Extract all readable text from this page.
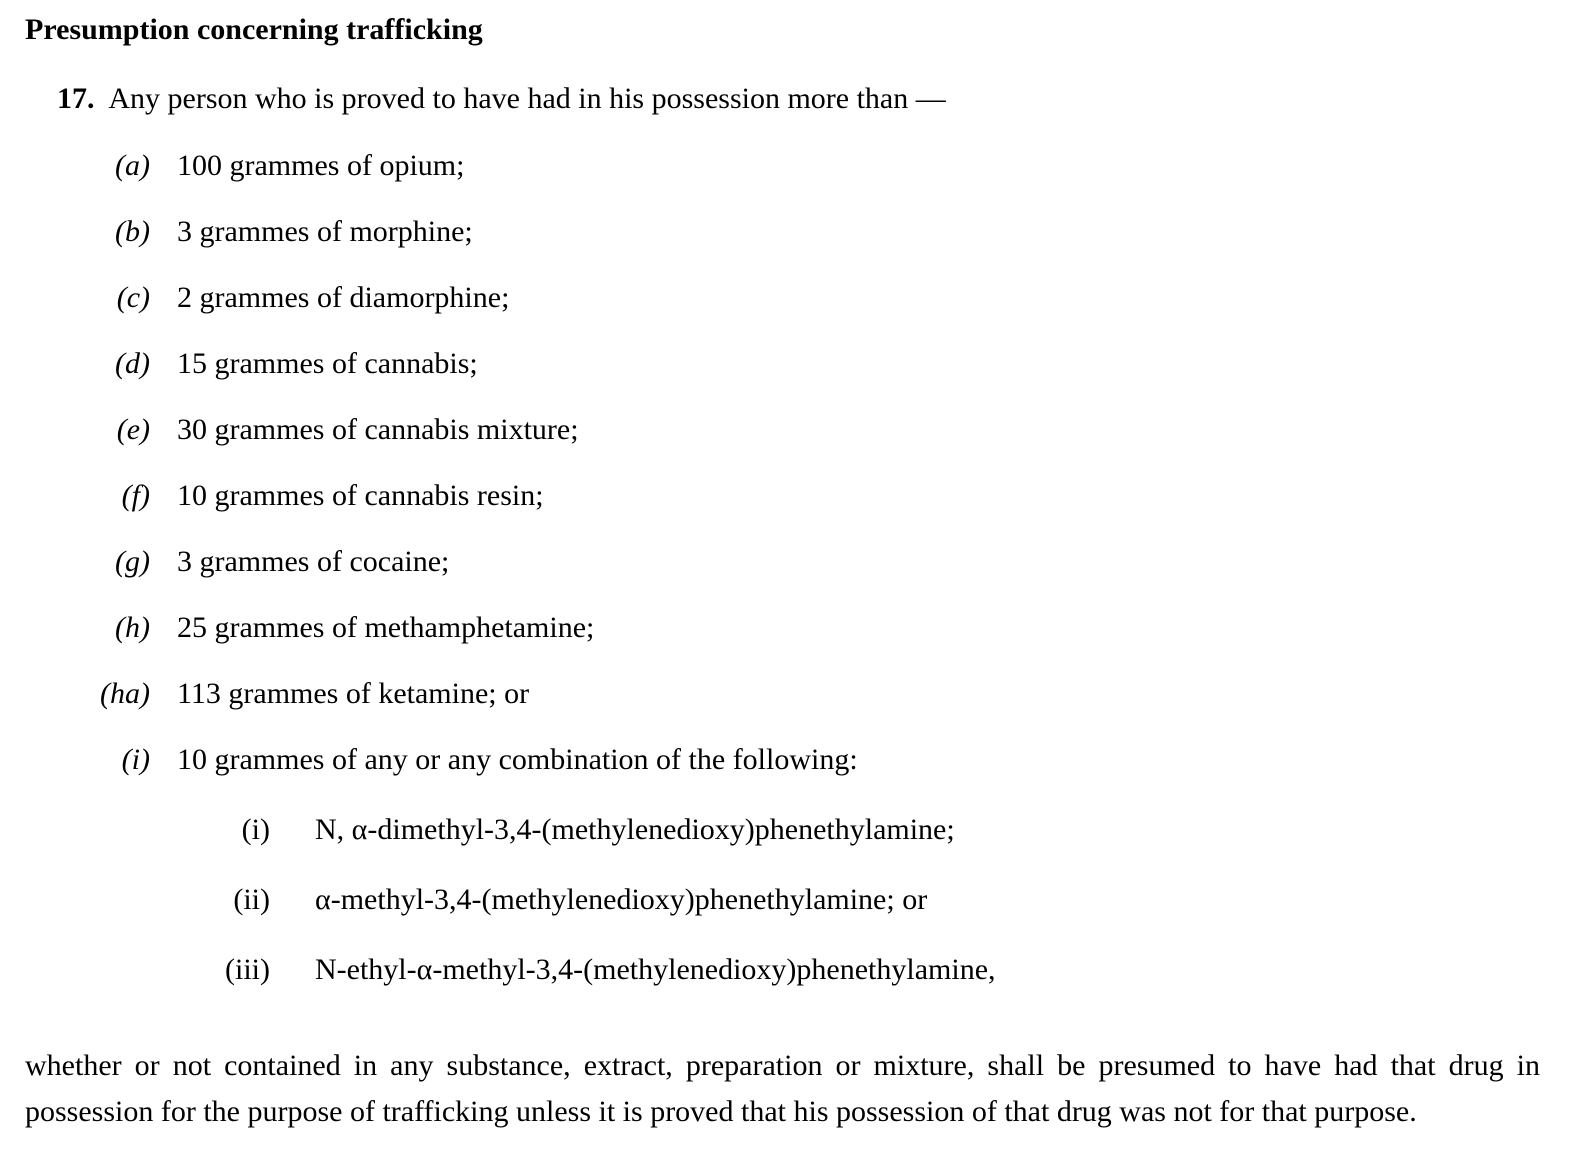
Presumption concerning trafficking

17. Any person who is proved to have had in his possession more than —

(a) 100 grammes of opium;
(b) 3 grammes of morphine;
(c) 2 grammes of diamorphine;
(d) 15 grammes of cannabis;
(e) 30 grammes of cannabis mixture;
(f) 10 grammes of cannabis resin;
(g) 3 grammes of cocaine;
(h) 25 grammes of methamphetamine;
(ha) 113 grammes of ketamine; or
(i) 10 grammes of any or any combination of the following:
(i)	N, α-dimethyl-3,4-(methylenedioxy)phenethylamine;
(ii)	α-methyl-3,4-(methylenedioxy)phenethylamine; or
(iii)	N-ethyl-α-methyl-3,4-(methylenedioxy)phenethylamine,

whether or not contained in any substance, extract, preparation or mixture, shall be presumed to have had that drug in possession for the purpose of trafficking unless it is proved that his possession of that drug was not for that purpose.
